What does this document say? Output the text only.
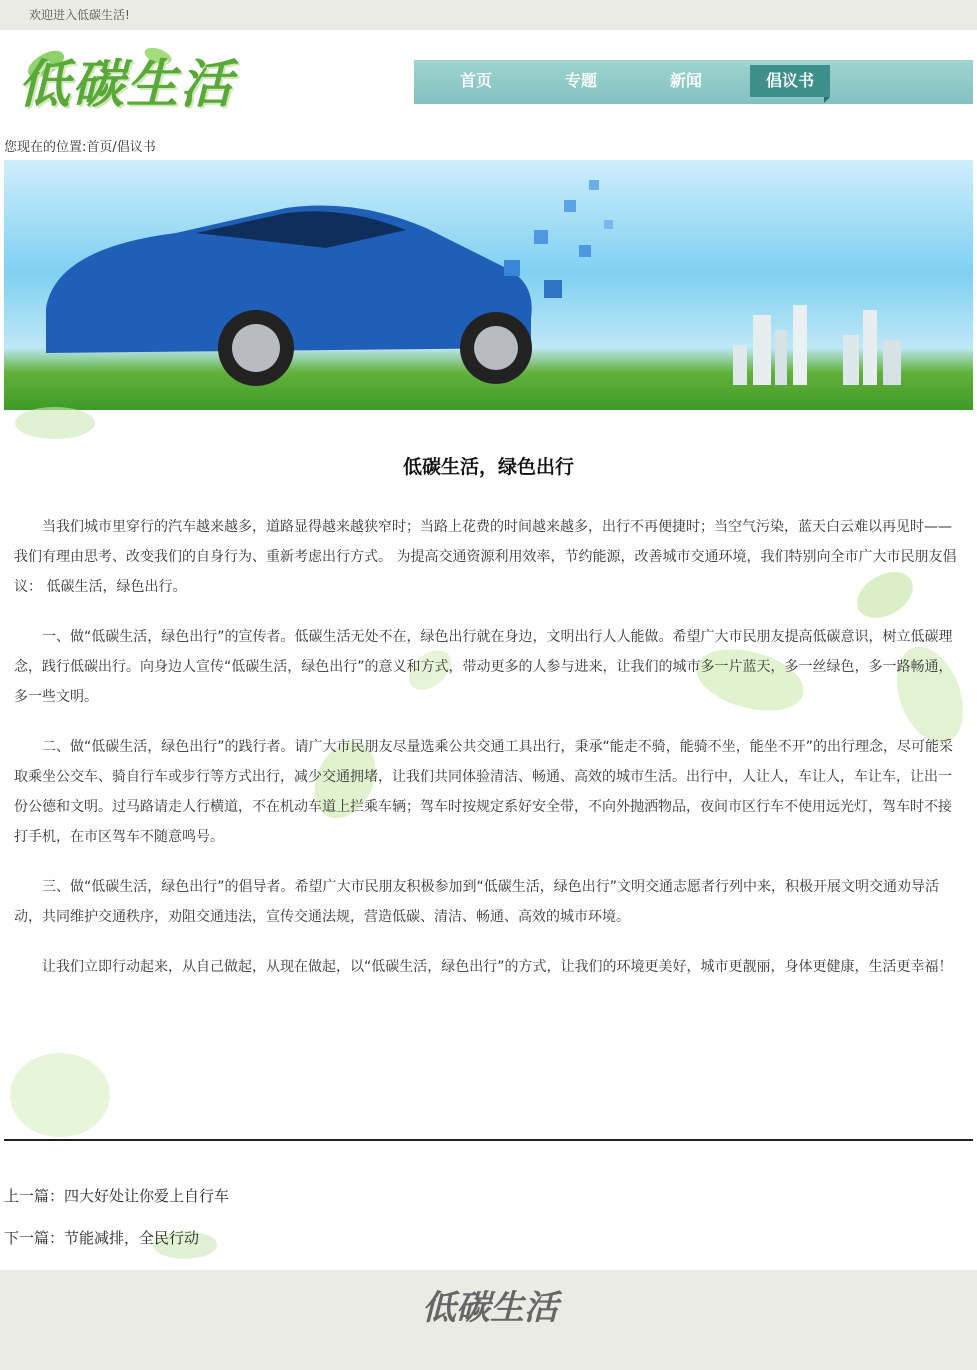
欢迎进入低碳生活!
低碳生活	首页	专题	新闻	倡议书
您现在的位置:首页/倡议书
低碳生活，绿色出行

当我们城市里穿行的汽车越来越多，道路显得越来越狭窄时；当路上花费的时间越来越多，出行不再便捷时；当空气污染，蓝天白云难以再见时——我们有理由思考、改变我们的自身行为、重新考虑出行方式。 为提高交通资源利用效率，节约能源，改善城市交通环境，我们特别向全市广大市民朋友倡议： 低碳生活，绿色出行。

一、做“低碳生活，绿色出行”的宣传者。低碳生活无处不在，绿色出行就在身边，文明出行人人能做。希望广大市民朋友提高低碳意识，树立低碳理念，践行低碳出行。向身边人宣传“低碳生活，绿色出行”的意义和方式，带动更多的人参与进来，让我们的城市多一片蓝天，多一丝绿色，多一路畅通，多一些文明。

二、做“低碳生活，绿色出行”的践行者。请广大市民朋友尽量选乘公共交通工具出行，秉承“能走不骑，能骑不坐，能坐不开”的出行理念，尽可能采取乘坐公交车、骑自行车或步行等方式出行，减少交通拥堵，让我们共同体验清洁、畅通、高效的城市生活。出行中，人让人，车让人，车让车，让出一份公德和文明。过马路请走人行横道，不在机动车道上拦乘车辆；驾车时按规定系好安全带，不向外抛洒物品，夜间市区行车不使用远光灯，驾车时不接打手机，在市区驾车不随意鸣号。

三、做“低碳生活，绿色出行”的倡导者。希望广大市民朋友积极参加到“低碳生活，绿色出行”文明交通志愿者行列中来，积极开展文明交通劝导活动，共同维护交通秩序，劝阻交通违法，宣传交通法规，营造低碳、清洁、畅通、高效的城市环境。

让我们立即行动起来，从自己做起，从现在做起，以“低碳生活，绿色出行”的方式，让我们的环境更美好，城市更靓丽，身体更健康，生活更幸福！

上一篇：四大好处让你爱上自行车
下一篇：节能减排，全民行动
低碳生活
